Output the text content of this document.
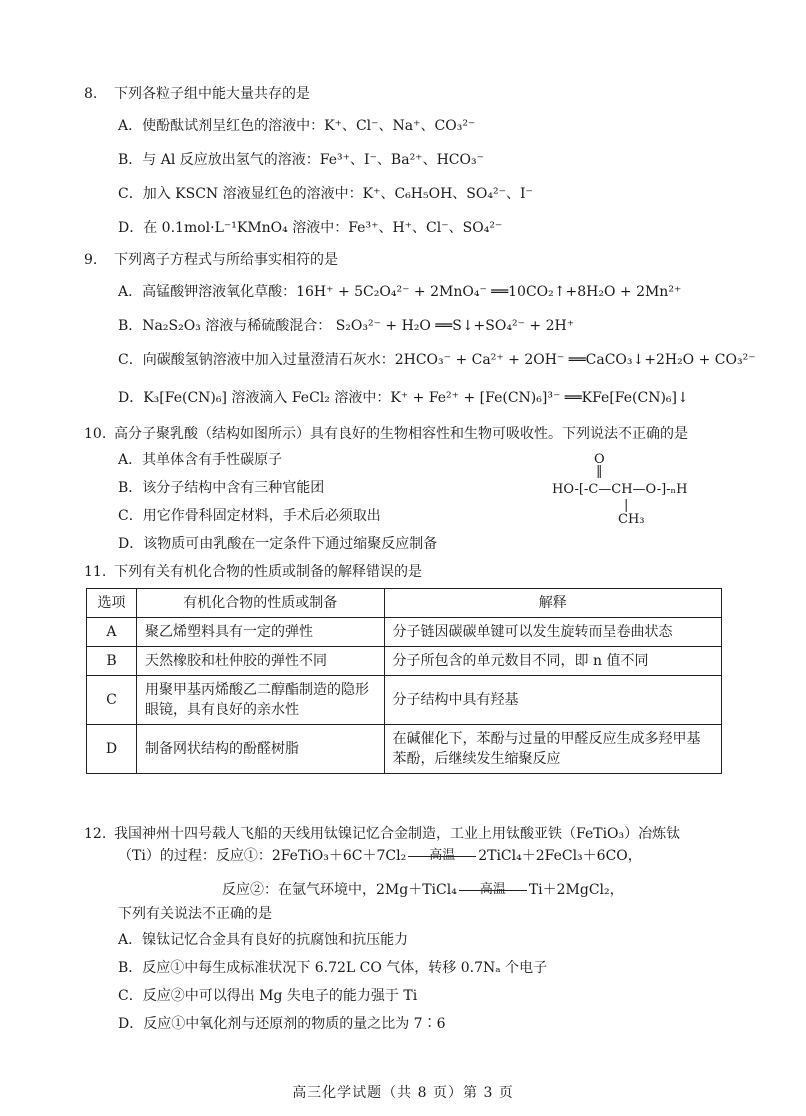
8. 下列各粒子组中能大量共存的是
A．使酚酞试剂呈红色的溶液中：K⁺、Cl⁻、Na⁺、CO₃²⁻
B．与 Al 反应放出氢气的溶液：Fe³⁺、I⁻、Ba²⁺、HCO₃⁻
C．加入 KSCN 溶液显红色的溶液中：K⁺、C₆H₅OH、SO₄²⁻、I⁻
D．在 0.1mol·L⁻¹KMnO₄ 溶液中：Fe³⁺、H⁺、Cl⁻、SO₄²⁻
9. 下列离子方程式与所给事实相符的是
A．高锰酸钾溶液氧化草酸：16H⁺ + 5C₂O₄²⁻ + 2MnO₄⁻ ══10CO₂↑+8H₂O + 2Mn²⁺
B．Na₂S₂O₃ 溶液与稀硫酸混合： S₂O₃²⁻ + H₂O ══S↓+SO₄²⁻ + 2H⁺
C．向碳酸氢钠溶液中加入过量澄清石灰水：2HCO₃⁻ + Ca²⁺ + 2OH⁻ ══CaCO₃↓+2H₂O + CO₃²⁻
D．K₃[Fe(CN)₆] 溶液滴入 FeCl₂ 溶液中：K⁺ + Fe²⁺ + [Fe(CN)₆]³⁻ ══KFe[Fe(CN)₆]↓
10. 高分子聚乳酸（结构如图所示）具有良好的生物相容性和生物可吸收性。下列说法不正确的是
A．其单体含有手性碳原子
B．该分子结构中含有三种官能团
C．用它作骨科固定材料，手术后必须取出
D．该物质可由乳酸在一定条件下通过缩聚反应制备
O
‖
HO-[-C—CH—O-]-ₙH
|
CH₃
11. 下列有关有机化合物的性质或制备的解释错误的是
选项	有机化合物的性质或制备	解释
A	聚乙烯塑料具有一定的弹性	分子链因碳碳单键可以发生旋转而呈卷曲状态
B	天然橡胶和杜仲胶的弹性不同	分子所包含的单元数目不同，即 n 值不同
C	用聚甲基丙烯酸乙二醇酯制造的隐形眼镜，具有良好的亲水性	分子结构中具有羟基
D	制备网状结构的酚醛树脂	在碱催化下，苯酚与过量的甲醛反应生成多羟甲基苯酚，后继续发生缩聚反应
12. 我国神州十四号载人飞船的天线用钛镍记忆合金制造，工业上用钛酸亚铁（FeTiO₃）冶炼钛
（Ti）的过程：反应①：2FeTiO₃＋6C＋7Cl₂	高温	2TiCl₄＋2FeCl₃＋6CO，
反应②：在氩气环境中，2Mg＋TiCl₄	高温	Ti＋2MgCl₂，
下列有关说法不正确的是
A．镍钛记忆合金具有良好的抗腐蚀和抗压能力
B．反应①中每生成标准状况下 6.72L CO 气体，转移 0.7Nₐ 个电子
C．反应②中可以得出 Mg 失电子的能力强于 Ti
D．反应①中氧化剂与还原剂的物质的量之比为 7∶6
高三化学试题（共 8 页）第 3 页
